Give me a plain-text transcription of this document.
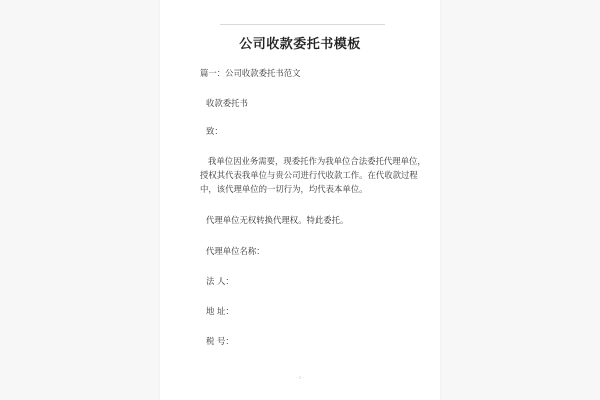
公司收款委托书模板
篇一：公司收款委托书范文
收款委托书
致：
我单位因业务需要，现委托作为我单位合法委托代理单位，
授权其代表我单位与贵公司进行代收款工作。在代收款过程
中，该代理单位的一切行为，均代表本单位。
代理单位无权转换代理权。特此委托。
代理单位名称：
法 人：
地 址：
税 号：
- 1 -
